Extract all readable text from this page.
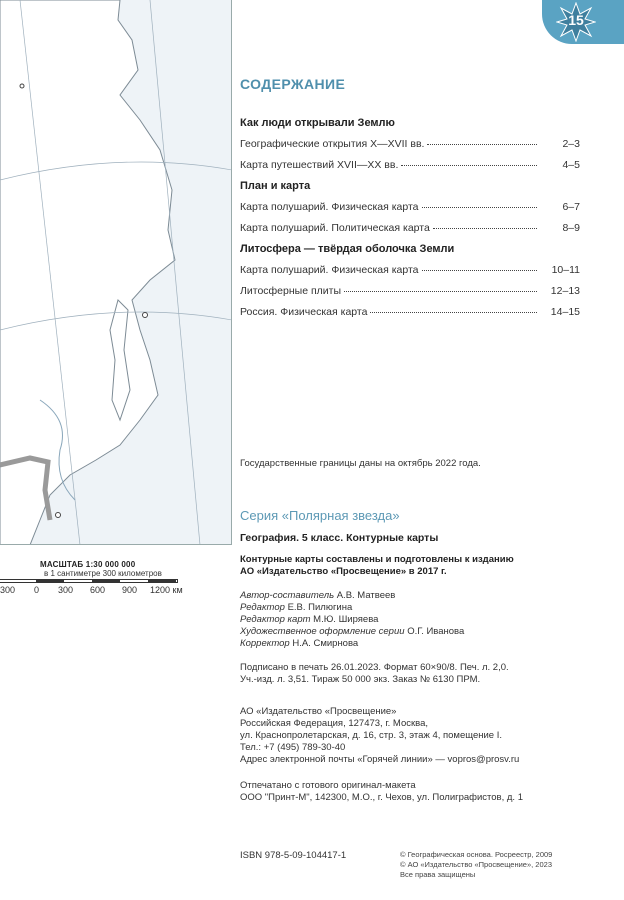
МАСШТАБ 1:30 000 000
в 1 сантиметре 300 километров
300 0 300 600 900 1200 км
15
СОДЕРЖАНИЕ
Как люди открывали Землю
Географические открытия X—XVII вв.	2–3
Карта путешествий XVII—XX вв.	4–5
План и карта
Карта полушарий. Физическая карта	6–7
Карта полушарий. Политическая карта	8–9
Литосфера — твёрдая оболочка Земли
Карта полушарий. Физическая карта	10–11
Литосферные плиты	12–13
Россия. Физическая карта	14–15
Государственные границы даны на октябрь 2022 года.
Серия «Полярная звезда»
География. 5 класс. Контурные карты
Контурные карты составлены и подготовлены к изданию
АО «Издательство «Просвещение» в 2017 г.
Автор-составитель А.В. Матвеев
Редактор Е.В. Пилюгина
Редактор карт М.Ю. Ширяева
Художественное оформление серии О.Г. Иванова
Корректор Н.А. Смирнова
Подписано в печать 26.01.2023. Формат 60×90/8. Печ. л. 2,0.
Уч.-изд. л. 3,51. Тираж 50 000 экз. Заказ № 6130 ПРМ.
АО «Издательство «Просвещение»
Российская Федерация, 127473, г. Москва,
ул. Краснопролетарская, д. 16, стр. 3, этаж 4, помещение I.
Тел.: +7 (495) 789-30-40
Адрес электронной почты «Горячей линии» — vopros@prosv.ru
Отпечатано с готового оригинал-макета
ООО "Принт-М", 142300, М.О., г. Чехов, ул. Полиграфистов, д. 1
ISBN 978-5-09-104417-1	© Географическая основа. Росреестр, 2009
© АО «Издательство «Просвещение», 2023
Все права защищены
